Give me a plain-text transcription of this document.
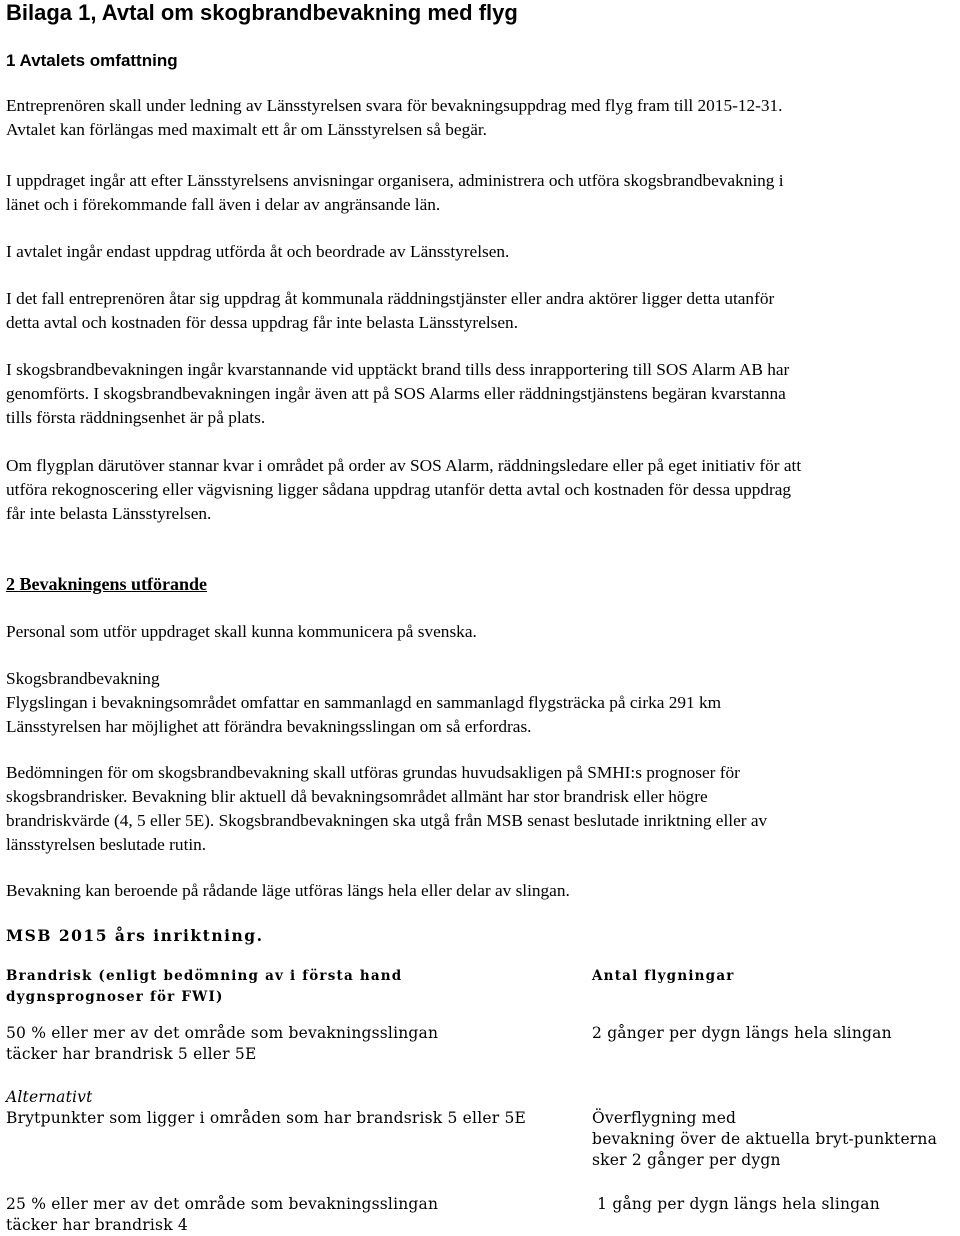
Bilaga 1, Avtal om skogbrandbevakning med flyg
1 Avtalets omfattning

Entreprenören skall under ledning av Länsstyrelsen svara för bevakningsuppdrag med flyg fram till 2015-12-31.
Avtalet kan förlängas med maximalt ett år om Länsstyrelsen så begär.

I uppdraget ingår att efter Länsstyrelsens anvisningar organisera, administrera och utföra skogsbrandbevakning i
länet och i förekommande fall även i delar av angränsande län.

I avtalet ingår endast uppdrag utförda åt och beordrade av Länsstyrelsen.

I det fall entreprenören åtar sig uppdrag åt kommunala räddningstjänster eller andra aktörer ligger detta utanför
detta avtal och kostnaden för dessa uppdrag får inte belasta Länsstyrelsen.

I skogsbrandbevakningen ingår kvarstannande vid upptäckt brand tills dess inrapportering till SOS Alarm AB har
genomförts. I skogsbrandbevakningen ingår även att på SOS Alarms eller räddningstjänstens begäran kvarstanna
tills första räddningsenhet är på plats.

Om flygplan därutöver stannar kvar i området på order av SOS Alarm, räddningsledare eller på eget initiativ för att
utföra rekognoscering eller vägvisning ligger sådana uppdrag utanför detta avtal och kostnaden för dessa uppdrag
får inte belasta Länsstyrelsen.

2 Bevakningens utförande

Personal som utför uppdraget skall kunna kommunicera på svenska.

Skogsbrandbevakning
Flygslingan i bevakningsområdet omfattar en sammanlagd en sammanlagd flygsträcka på cirka 291 km
Länsstyrelsen har möjlighet att förändra bevakningsslingan om så erfordras.

Bedömningen för om skogsbrandbevakning skall utföras grundas huvudsakligen på SMHI:s prognoser för
skogsbrandrisker. Bevakning blir aktuell då bevakningsområdet allmänt har stor brandrisk eller högre
brandriskvärde (4, 5 eller 5E). Skogsbrandbevakningen ska utgå från MSB senast beslutade inriktning eller av
länsstyrelsen beslutade rutin.

Bevakning kan beroende på rådande läge utföras längs hela eller delar av slingan.

MSB 2015 års inriktning.
Brandrisk (enligt bedömning av i första hand
dygnsprognoser för FWI)
Antal flygningar
50 % eller mer av det område som bevakningsslingan
täcker har brandrisk 5 eller 5E
2 gånger per dygn längs hela slingan
Alternativt
Brytpunkter som ligger i områden som har brandsrisk 5 eller 5E	Överflygning med
bevakning över de aktuella bryt-punkterna
sker 2 gånger per dygn
25 % eller mer av det område som bevakningsslingan
täcker har brandrisk 4
1 gång per dygn längs hela slingan
